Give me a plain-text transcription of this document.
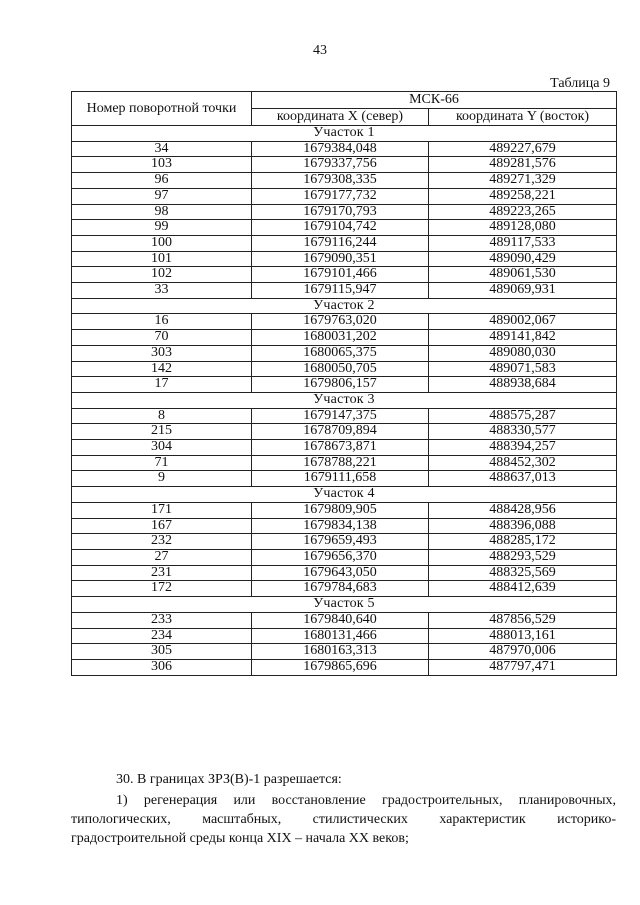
43
Таблица 9
Номер поворотной точки	МСК-66	
	координата X (север)	координата Y (восток)
Участок 1		
34	1679384,048	489227,679
103	1679337,756	489281,576
96	1679308,335	489271,329
97	1679177,732	489258,221
98	1679170,793	489223,265
99	1679104,742	489128,080
100	1679116,244	489117,533
101	1679090,351	489090,429
102	1679101,466	489061,530
33	1679115,947	489069,931
Участок 2		
16	1679763,020	489002,067
70	1680031,202	489141,842
303	1680065,375	489080,030
142	1680050,705	489071,583
17	1679806,157	488938,684
Участок 3		
8	1679147,375	488575,287
215	1678709,894	488330,577
304	1678673,871	488394,257
71	1678788,221	488452,302
9	1679111,658	488637,013
Участок 4		
171	1679809,905	488428,956
167	1679834,138	488396,088
232	1679659,493	488285,172
27	1679656,370	488293,529
231	1679643,050	488325,569
172	1679784,683	488412,639
Участок 5		
233	1679840,640	487856,529
234	1680131,466	488013,161
305	1680163,313	487970,006
306	1679865,696	487797,471
30. В границах ЗРЗ(В)-1 разрешается:
1) регенерация или восстановление градостроительных, планировочных, типологических, масштабных, стилистических характеристик историко-градостроительной среды конца XIX – начала XX веков;
